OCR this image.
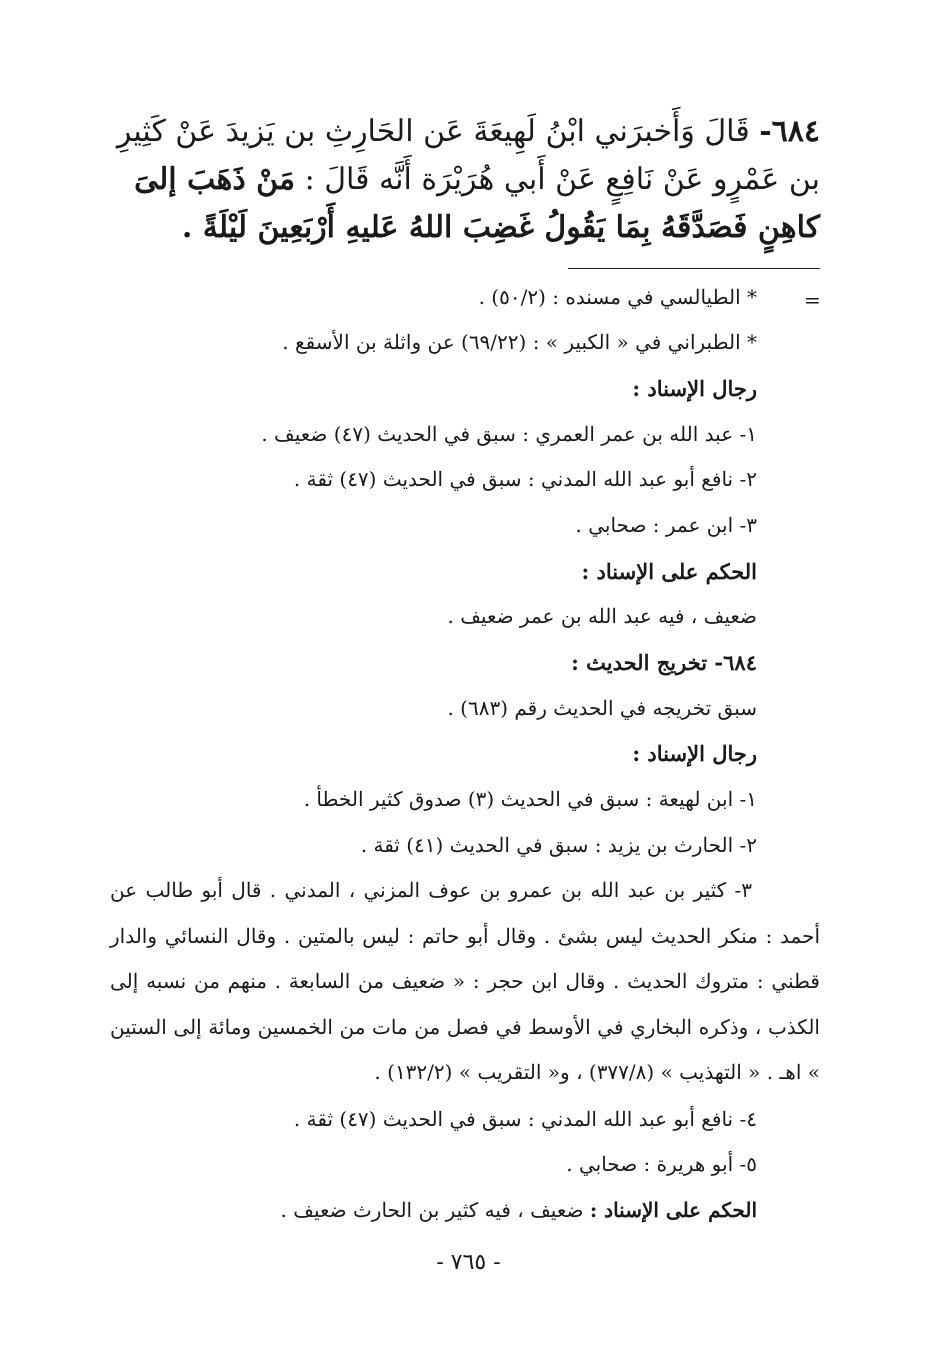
٦٨٤- قَالَ وَأَخبرَني ابْنُ لَهِيعَةَ عَن الحَارِثِ بن يَزيدَ عَنْ كَثِيرِ بن عَمْرٍو عَنْ نَافِعٍ عَنْ أَبي هُرَيْرَة أَنَّه قَالَ : مَنْ ذَهَبَ إلىَ كاهِنٍ فَصَدَّقَهُ بِمَا يَقُولُ غَضِبَ اللهُ عَليهِ أَرْبَعِينَ لَيْلَةً .
=
* الطيالسي في مسنده : (٥٠/٢) .
* الطبراني في « الكبير » : (٦٩/٢٢) عن واثلة بن الأسقع .
رجال الإسناد :
١- عبد الله بن عمر العمري : سبق في الحديث (٤٧) ضعيف .
٢- نافع أبو عبد الله المدني : سبق في الحديث (٤٧) ثقة .
٣- ابن عمر : صحابي .
الحكم على الإسناد :
ضعيف ، فيه عبد الله بن عمر ضعيف .
٦٨٤- تخريج الحديث :
سبق تخريجه في الحديث رقم (٦٨٣) .
رجال الإسناد :
١- ابن لهيعة : سبق في الحديث (٣) صدوق كثير الخطأ .
٢- الحارث بن يزيد : سبق في الحديث (٤١) ثقة .
٣- كثير بن عبد الله بن عمرو بن عوف المزني ، المدني . قال أبو طالب عن أحمد : منكر الحديث ليس بشئ . وقال أبو حاتم : ليس بالمتين . وقال النسائي والدار قطني : متروك الحديث . وقال ابن حجر : « ضعيف من السابعة . منهم من نسبه إلى الكذب ، وذكره البخاري في الأوسط في فصل من مات من الخمسين ومائة إلى الستين » اهـ . « التهذيب » (٣٧٧/٨) ، و« التقريب » (١٣٢/٢) .
٤- نافع أبو عبد الله المدني : سبق في الحديث (٤٧) ثقة .
٥- أبو هريرة : صحابي .
الحكم على الإسناد : ضعيف ، فيه كثير بن الحارث ضعيف .
- ٧٦٥ -
